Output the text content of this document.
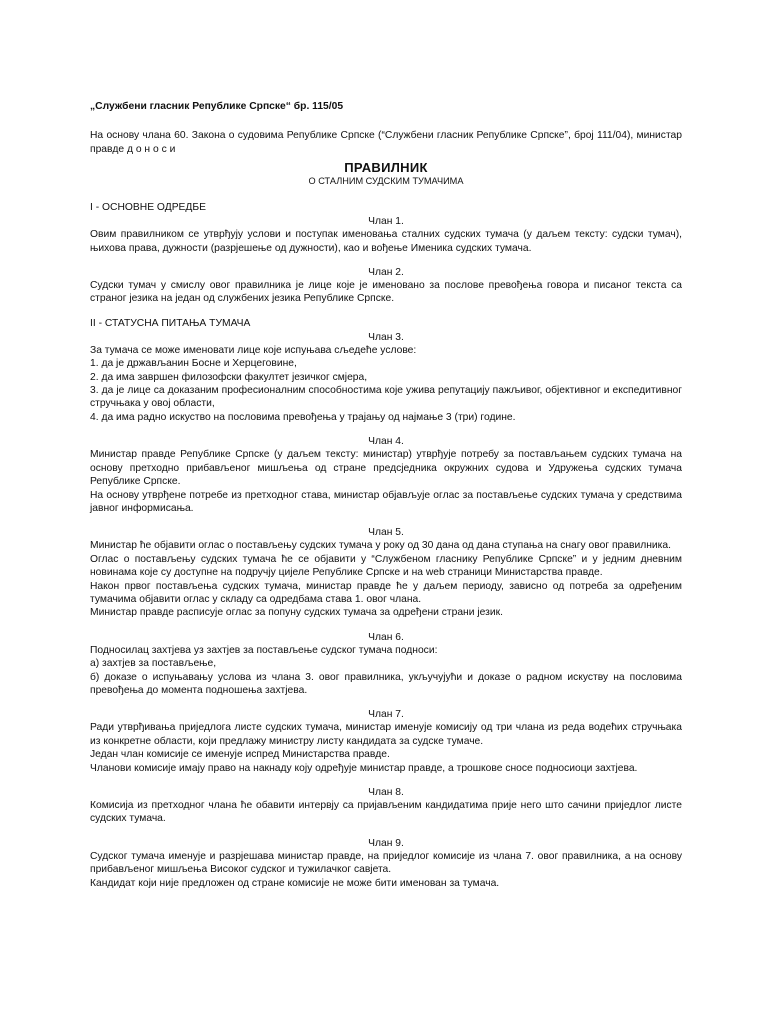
„Службени гласник Републике Српске“ бр. 115/05

На основу члана 60. Закона о судовима Републике Српске (“Службени гласник Републике Српске”, број 111/04), министар правде д о н о с и

ПРАВИЛНИК

О СТАЛНИМ СУДСКИМ ТУМАЧИМА

I - ОСНОВНЕ ОДРЕДБЕ

Члан 1.

Овим правилником се утврђују услови и поступак именовања сталних судских тумача (у даљем тексту: судски тумач), њихова права, дужности (разрјешење од дужности), као и вођење Именика судских тумача.

Члан 2.

Судски тумач у смислу овог правилника је лице које је именовано за послове превођења говора и писаног текста са страног језика на један од службених језика Републике Српске.

II - СТАТУСНА ПИТАЊА ТУМАЧА

Члан 3.

За тумача се може именовати лице које испуњава сљедеће услове:

1. да је држављанин Босне и Херцеговине,

2. да има завршен филозофски факултет језичког смјера,

3. да је лице са доказаним професионалним способностима које ужива репутацију пажљивог, објективног и експедитивног стручњака у овој области,

4. да има радно искуство на пословима превођења у трајању од најмање 3 (три) године.

Члан 4.

Министар правде Републике Српске (у даљем тексту: министар) утврђује потребу за постављањем судских тумача на основу претходно прибављеног мишљења од стране предсједника окружних судова и Удружења судских тумача Републике Српске.

На основу утврђене потребе из претходног става, министар објављује оглас за постављење судских тумача у средствима јавног информисања.

Члан 5.

Министар ће објавити оглас о постављењу судских тумача у року од 30 дана од дана ступања на снагу овог правилника.

Оглас о постављењу судских тумача ће се објавити у “Службеном гласнику Републике Српске” и у једним дневним новинама које су доступне на подручју цијеле Републике Српске и на web страници Министарства правде.

Након првог постављења судских тумача, министар правде ће у даљем периоду, зависно од потреба за одређеним тумачима објавити оглас у складу са одредбама става 1. овог члана.

Министар правде расписује оглас за попуну судских тумача за одређени страни језик.

Члан 6.

Подносилац захтјева уз захтјев за постављење судског тумача подноси:

а) захтјев за постављење,

б) доказе о испуњавању услова из члана 3. овог правилника, укључујући и доказе о радном искуству на пословима превођења до момента подношења захтјева.

Члан 7.

Ради утврђивања приједлога листе судских тумача, министар именује комисију од три члана из реда водећих стручњака из конкретне области, који предлажу министру листу кандидата за судске тумаче.

Један члан комисије се именује испред Министарства правде.

Чланови комисије имају право на накнаду коју одређује министар правде, а трошкове сносе подносиоци захтјева.

Члан 8.

Комисија из претходног члана ће обавити интервју са пријављеним кандидатима прије него што сачини приједлог листе судских тумача.

Члан 9.

Судског тумача именује и разрјешава министар правде, на приједлог комисије из члана 7. овог правилника, а на основу прибављеног мишљења Високог судског и тужилачког савјета.

Кандидат који није предложен од стране комисије не може бити именован за тумача.
